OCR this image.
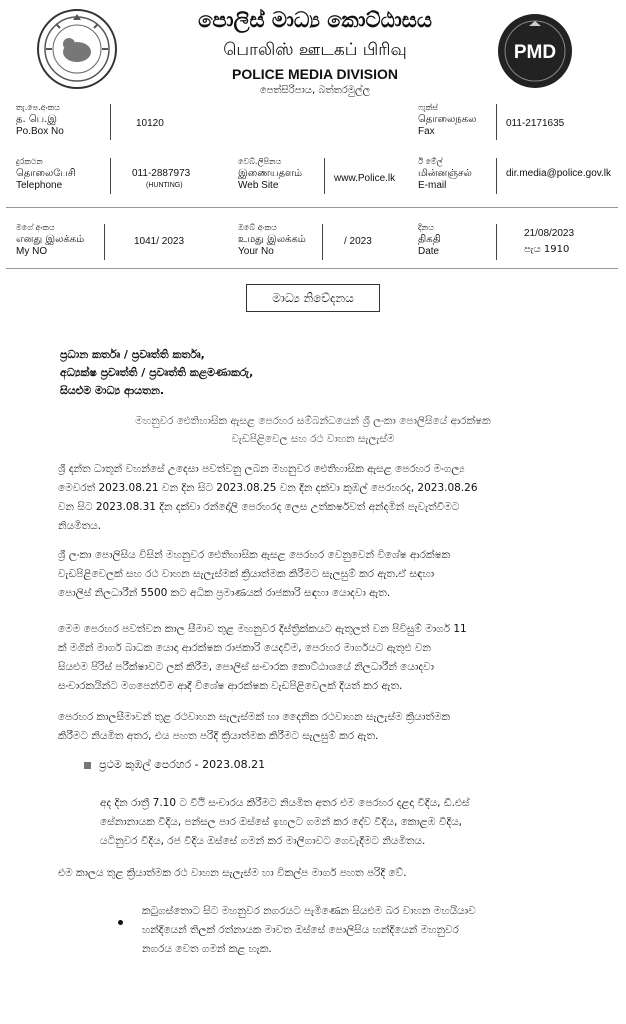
පොලිස් මාධ්‍ය කොට්ඨාසය
பொலிஸ் ஊடகப் பிரிவு
POLICE MEDIA DIVISION
පෙත්සිරිපාය, බත්තරමුල්ල
PMD
තැ.පෙ.අංකය
த. பெ.இ
Po.Box No
10120
ෆැක්ස්
தொலைநகல
Fax
011-2171635
දුරකථන
தொலைபேசி
Telephone
011-2887973
(HUNTING)
වෙබ්.ලිපිනය
இணையதளம்
Web Site
www.Police.lk
ඊ මේල්
மின்னஞ்சல்
E-mail
dir.media@police.gov.lk
මගේ අංකය
எனது இலக்கம்
My NO
1041/ 2023
ඔබේ අංකය
உமது இலக்கம்
Your No
/ 2023
දිනය
திகதி
Date
21/08/2023
පැය 1910
මාධ්‍ය නිවේදනය
ප්‍රධාන කර්තෘ / ප්‍රවෘත්ති කර්තෘ,
අධ්‍යක්ෂ ප්‍රවෘත්ති / ප්‍රවෘත්ති කළමණාකරු,
සියළුම මාධ්‍ය ආයතන.
මහනුවර ඓතිහාසික ඇසළ පෙරහර සම්බන්ධයෙන් ශ්‍රී ලංකා පොලිසියේ ආරක්ෂක
වැඩපිළිවෙල සහ රථ වාහන සැලැස්ම
ශ්‍රී දන්ත ධාතූන් වහන්සේ උදෙසා පවත්වනු ලබන මහනුවර ඓතිහාසික ඇසළ පෙරහර මංගල්‍ය
මෙවරත් 2023.08.21 වන දින සිට 2023.08.25 වන දින දක්වා කුඹල් පෙරහරද, 2023.08.26
වන සිට 2023.08.31 දින දක්වා රන්දෝලි පෙරහරද ලෙස උත්කර්ෂවත් අන්දමින් පැවැත්වීමට
නියමිතය.
ශ්‍රී ලංකා පොලිසිය විසින් මහනුවර ඓතිහාසික ඇසළ පෙරහර වෙනුවෙන් විශේෂ ආරක්ෂක
වැඩපිළිවෙලක් සහ රථ වාහන සැලැස්මක් ක්‍රියාත්මක කිරීමට සැලසුම් කර ඇත.ඒ සඳහා
පොලිස් නිලධාරීන් 5500 කට අධික ප්‍රමාණයක් රාජකාරි සඳහා යොදවා ඇත.
මෙම පෙරහර පවත්වන කාල සීමාව තුළ මහනුවර දිස්ත්‍රික්කයට ඇතුලත් වන පිවිසුම් මාර්ග 11
ක් මගින් මාර්ග බාධක යොදා ආරක්ෂක රාජකාරි යෙදවීම, පෙරහර මාර්ගයට ඇතුළු වන
සියළුම පිරිස් පරීක්ෂාවට ලක් කිරීම, පොලිස් සංචාරක කොට්ඨාශයේ නිලධාරීන් යොදවා
සංචාරකයින්ට මගපෙන්වීම ආදී විශේෂ ආරක්ෂක වැඩපිළිවෙලක් දියත් කර ඇත.
පෙරහර කාලසීමාවන් තුළ රථවාහන සැලැස්මක් හා දෛනික රථවාහන සැලැස්ම ක්‍රියාත්මක
කිරීමට නියමිත අතර, එය පහත පරිදි ක්‍රියාත්මක කිරීමට සැලසුම් කර ඇත.
ප්‍රථම කුඹල් පෙරහර - 2023.08.21
අද දින රාත්‍රී 7.10 ට වීථි සංචාරය කිරීමට නියමිත අතර එම පෙරහර දළදා වීදිය, ඩී.එස්
සේනානායක වීදිය, පන්සල පාර ඔස්සේ ඉහලට ගමන් කර දේව වීදිය, කොළඹ වීදිය,
යටිනුවර වීදිය, රජ වීදිය ඔස්සේ ගමන් කර මාලිගාවට ගෙවැදීමට නියමිතය.
එම කාලය තුළ ක්‍රියාත්මක රථ වාහන සැලැස්ම හා විකල්ප මාර්ග පහත පරිදි වේ.
කටුගස්තොට සිට මහනුවර නගරයට පැමිණෙන සියළුම බර වාහන මහයියාව
හන්දියෙන් තිලක් රත්නායක මාවත ඔස්සේ පොලිසිය හන්දියෙන් මහනුවර
නගරය වෙත ගමන් කළ හැක.
